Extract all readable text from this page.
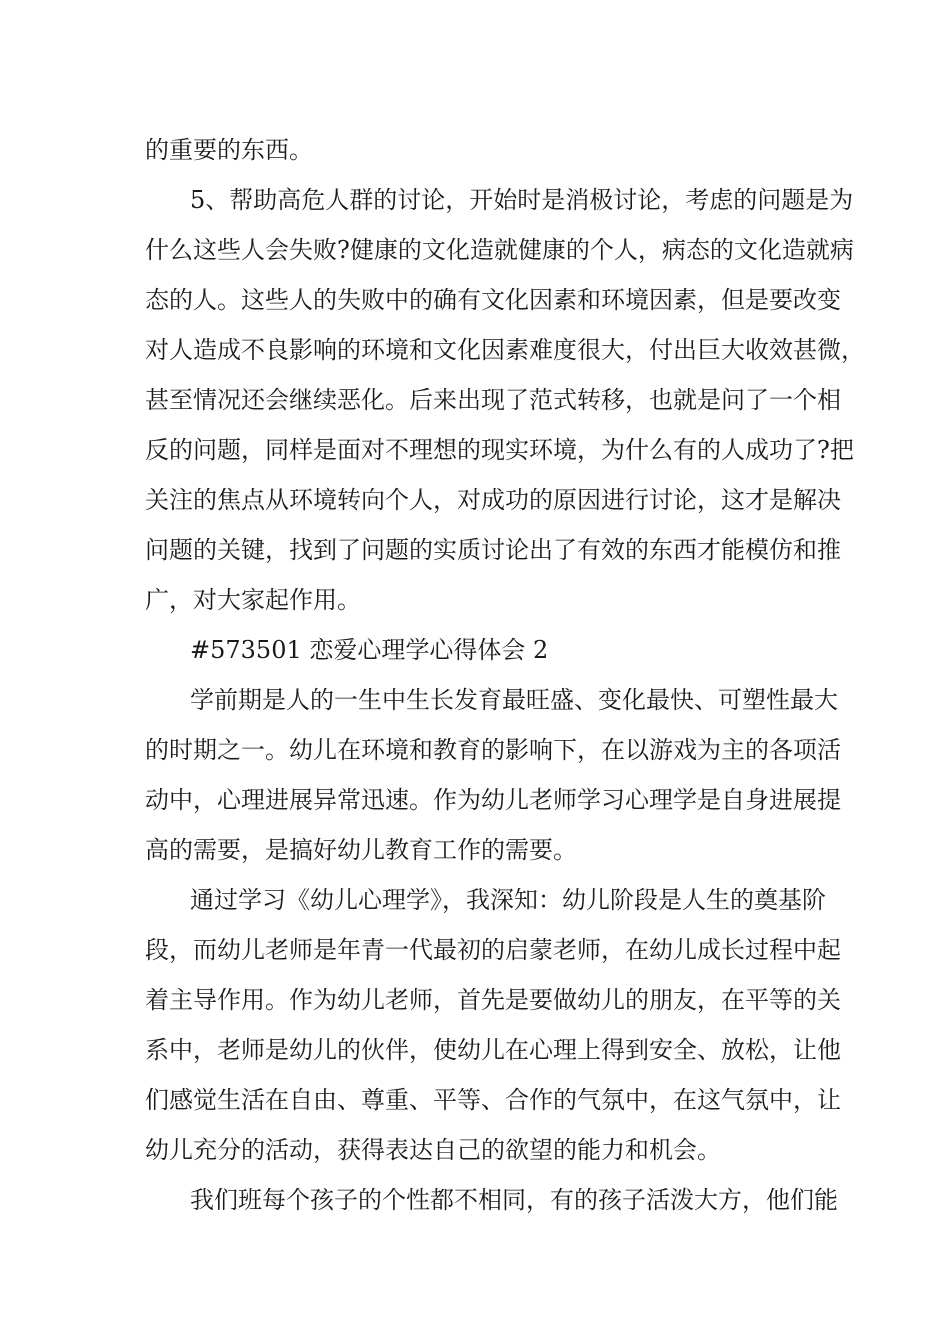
的重要的东西。
5、帮助高危人群的讨论，开始时是消极讨论，考虑的问题是为
什么这些人会失败?健康的文化造就健康的个人，病态的文化造就病
态的人。这些人的失败中的确有文化因素和环境因素，但是要改变
对人造成不良影响的环境和文化因素难度很大，付出巨大收效甚微，
甚至情况还会继续恶化。后来出现了范式转移，也就是问了一个相
反的问题，同样是面对不理想的现实环境，为什么有的人成功了?把
关注的焦点从环境转向个人，对成功的原因进行讨论，这才是解决
问题的关键，找到了问题的实质讨论出了有效的东西才能模仿和推
广，对大家起作用。
#573501 恋爱心理学心得体会 2
学前期是人的一生中生长发育最旺盛、变化最快、可塑性最大
的时期之一。幼儿在环境和教育的影响下，在以游戏为主的各项活
动中，心理进展异常迅速。作为幼儿老师学习心理学是自身进展提
高的需要，是搞好幼儿教育工作的需要。
通过学习《幼儿心理学》，我深知：幼儿阶段是人生的奠基阶
段，而幼儿老师是年青一代最初的启蒙老师，在幼儿成长过程中起
着主导作用。作为幼儿老师，首先是要做幼儿的朋友，在平等的关
系中，老师是幼儿的伙伴，使幼儿在心理上得到安全、放松，让他
们感觉生活在自由、尊重、平等、合作的气氛中，在这气氛中，让
幼儿充分的活动，获得表达自己的欲望的能力和机会。
我们班每个孩子的个性都不相同，有的孩子活泼大方，他们能
